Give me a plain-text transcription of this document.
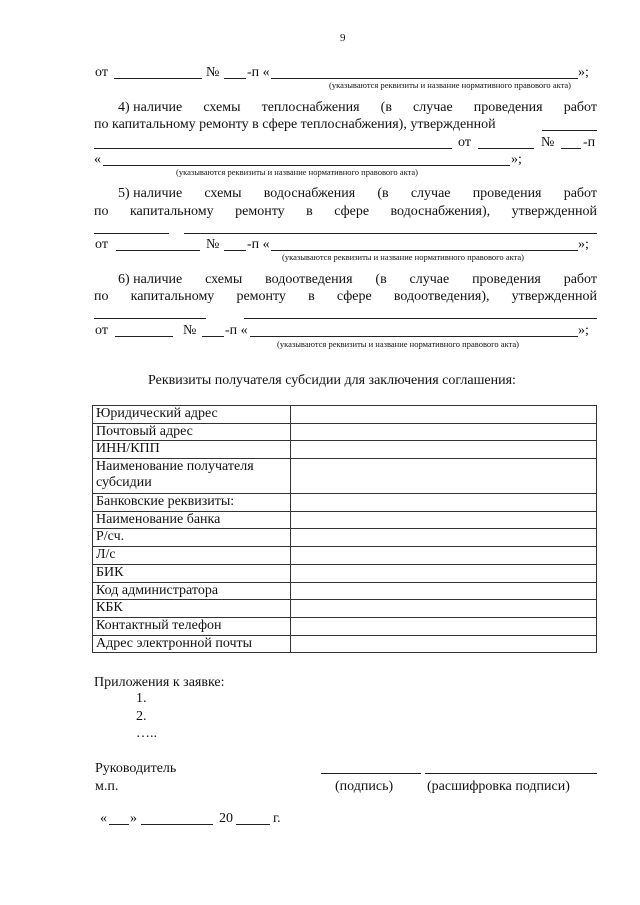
9
от	№ -п «	»;
(указываются реквизиты и название нормативного правового акта)
4) наличие схемы теплоснабжения (в случае проведения работ
по капитальному ремонту в сфере теплоснабжения), утвержденной
от	№ -п
«	»;
(указываются реквизиты и название нормативного правового акта)
5) наличие схемы водоснабжения (в случае проведения работ
по капитальному ремонту в сфере водоснабжения), утвержденной
от	№ -п «	»;
(указываются реквизиты и название нормативного правового акта)
6) наличие схемы водоотведения (в случае проведения работ
по капитальному ремонту в сфере водоотведения), утвержденной
от	№ -п «	»;
(указываются реквизиты и название нормативного правового акта)
Реквизиты получателя субсидии для заключения соглашения:
Юридический адрес	
Почтовый адрес	
ИНН/КПП	
Наименование получателя субсидии	
Банковские реквизиты:	
Наименование банка	
Р/сч.	
Л/с	
БИК	
Код администратора	
КБК	
Контактный телефон	
Адрес электронной почты	
Приложения к заявке:
1.
2.
…..
Руководитель
м.п.	(подпись) (расшифровка подписи)
« »	20	г.
